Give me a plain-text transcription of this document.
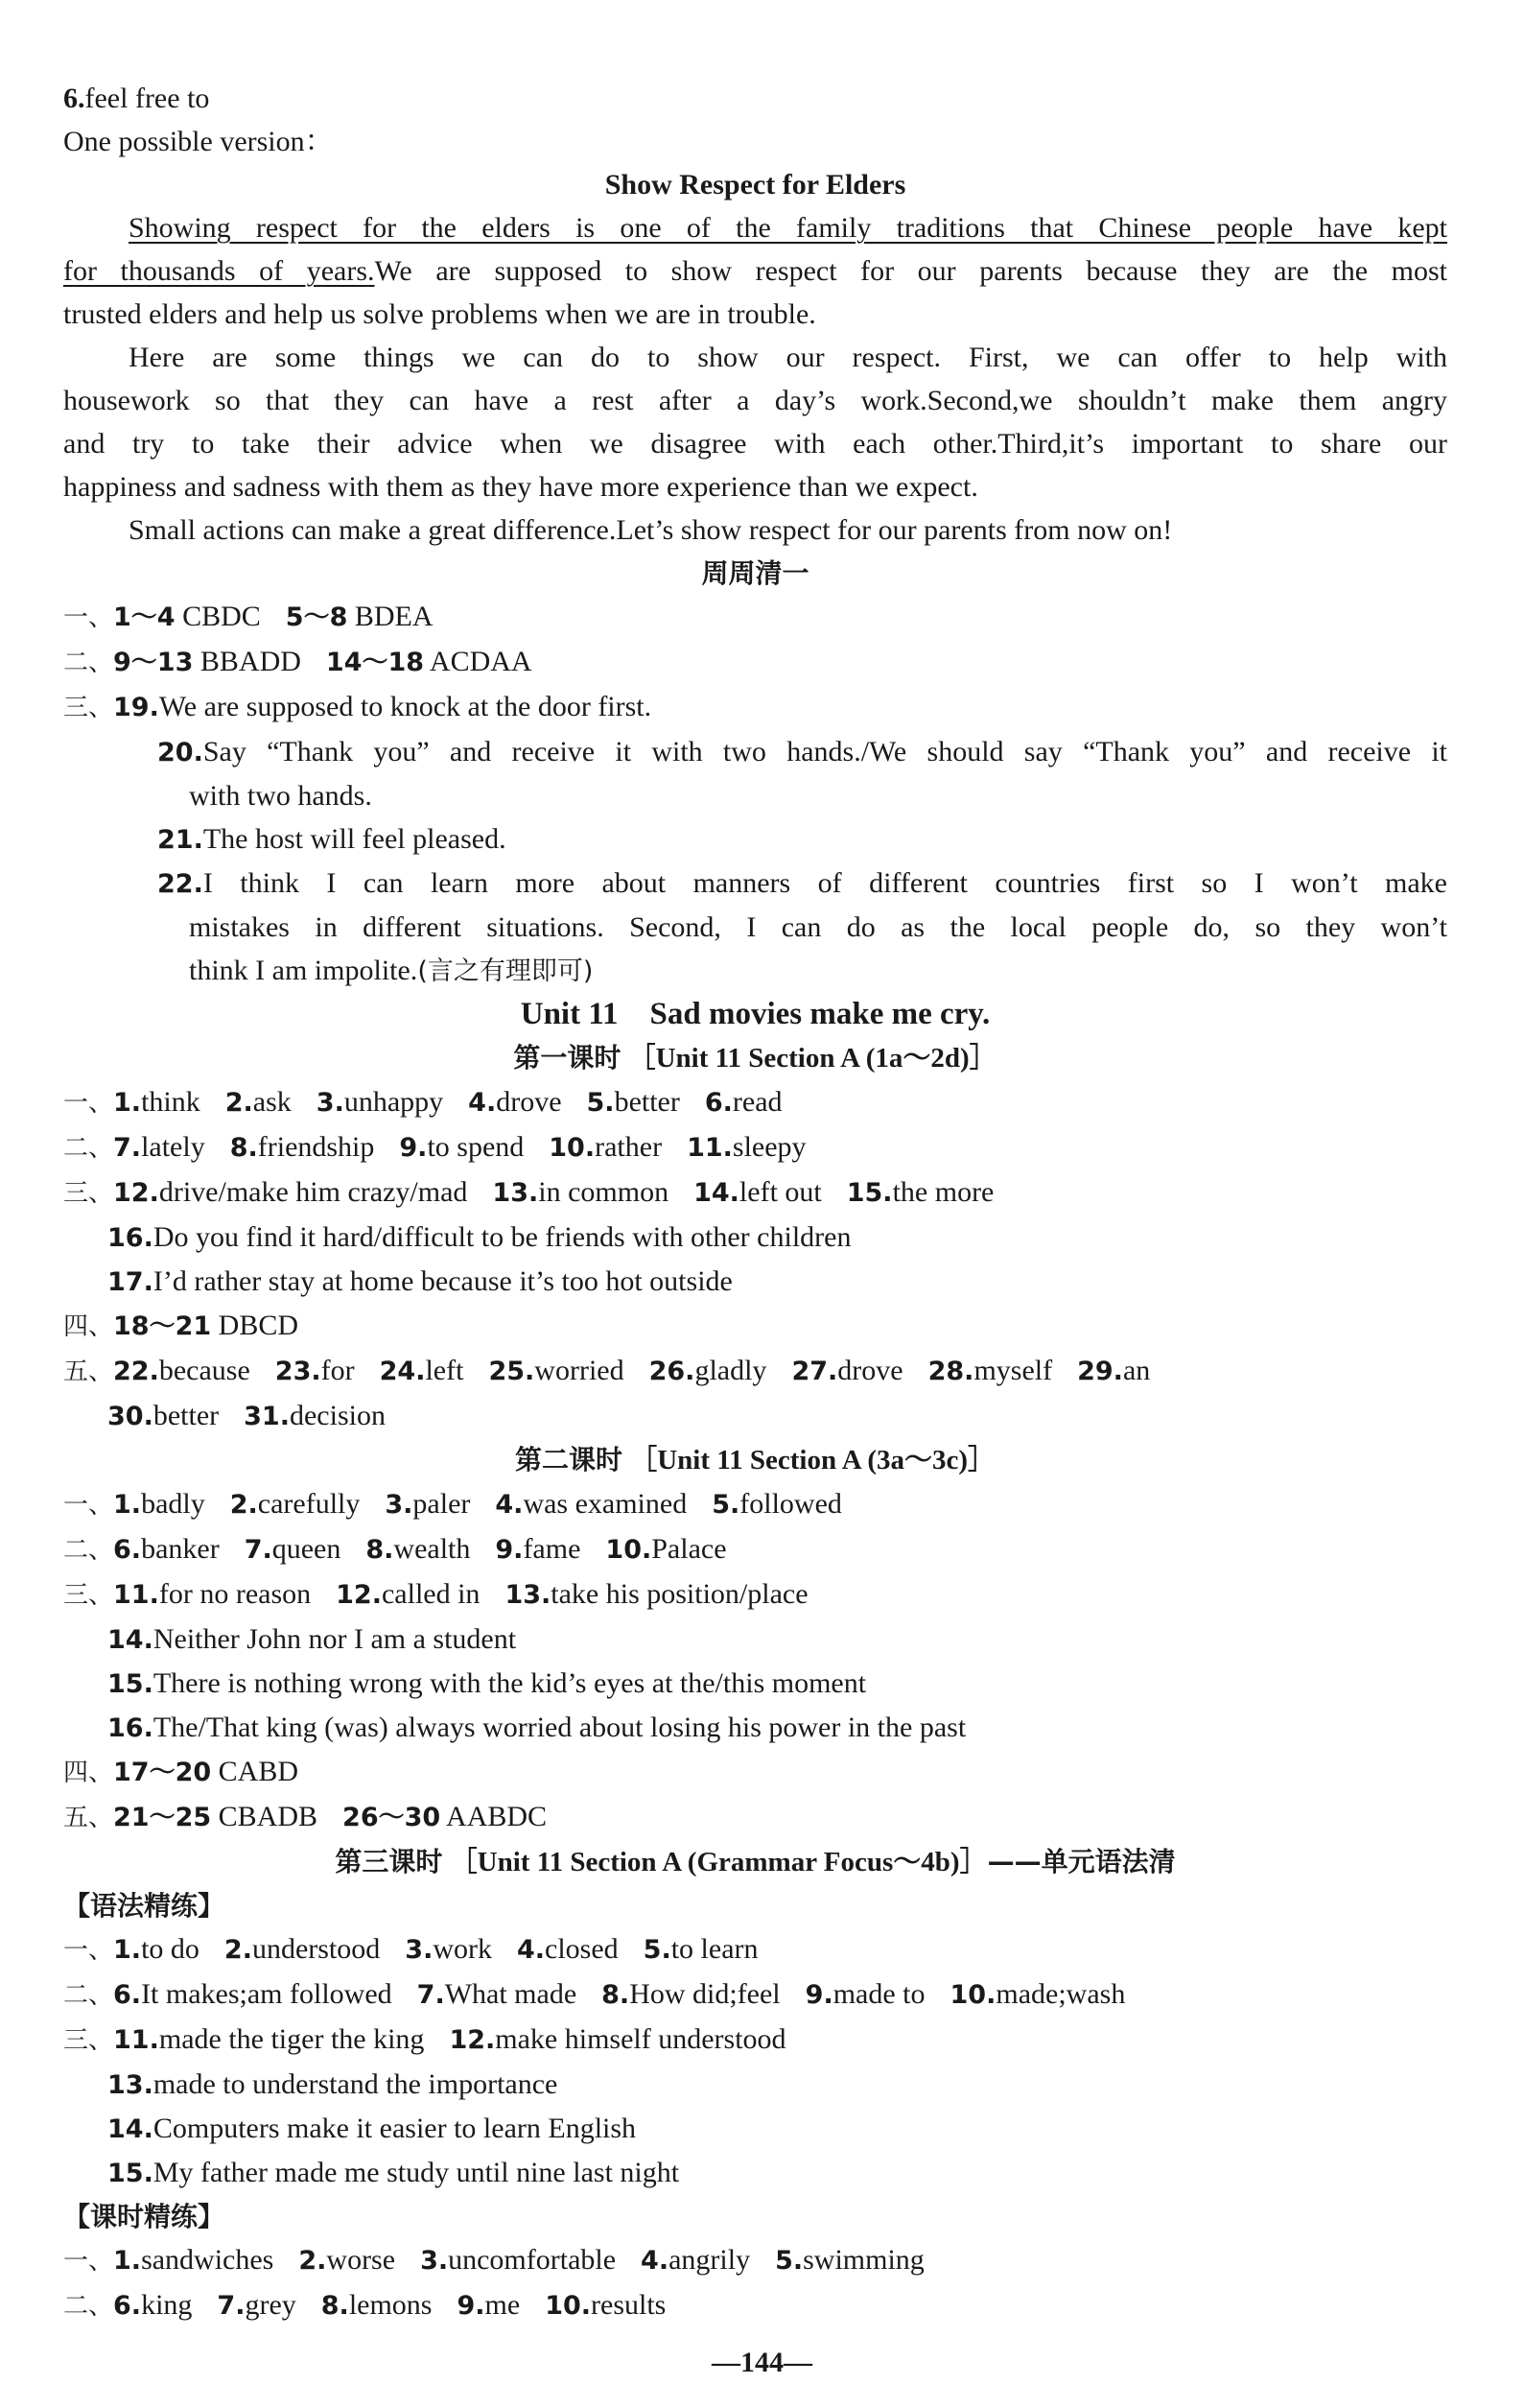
6.feel free to
One possible version：
Show Respect for Elders
Showing respect for the elders is one of the family traditions that Chinese people have kept
for thousands of years.We are supposed to show respect for our parents because they are the most
trusted elders and help us solve problems when we are in trouble.
Here are some things we can do to show our respect. First, we can offer to help with
housework so that they can have a rest after a day’s work.Second,we shouldn’t make them angry
and try to take their advice when we disagree with each other.Third,it’s important to share our
happiness and sadness with them as they have more experience than we expect.
Small actions can make a great difference.Let’s show respect for our parents from now on!
周周清一
一、1～4 CBDC 5～8 BDEA
二、9～13 BBADD 14～18 ACDAA
三、19.We are supposed to knock at the door first.
20.Say “Thank you” and receive it with two hands./We should say “Thank you” and receive it
with two hands.
21.The host will feel pleased.
22.I think I can learn more about manners of different countries first so I won’t make
mistakes in different situations. Second, I can do as the local people do, so they won’t
think I am impolite.(言之有理即可)
Unit 11    Sad movies make me cry.
第一课时 ［Unit 11 Section A (1a～2d)］
一、1.think 2.ask 3.unhappy 4.drove 5.better 6.read
二、7.lately 8.friendship 9.to spend 10.rather 11.sleepy
三、12.drive/make him crazy/mad 13.in common 14.left out 15.the more
16.Do you find it hard/difficult to be friends with other children
17.I’d rather stay at home because it’s too hot outside
四、18～21 DBCD
五、22.because 23.for 24.left 25.worried 26.gladly 27.drove 28.myself 29.an
30.better 31.decision
第二课时 ［Unit 11 Section A (3a～3c)］
一、1.badly 2.carefully 3.paler 4.was examined 5.followed
二、6.banker 7.queen 8.wealth 9.fame 10.Palace
三、11.for no reason 12.called in 13.take his position/place
14.Neither John nor I am a student
15.There is nothing wrong with the kid’s eyes at the/this moment
16.The/That king (was) always worried about losing his power in the past
四、17～20 CABD
五、21～25 CBADB 26～30 AABDC
第三课时 ［Unit 11 Section A (Grammar Focus～4b)］——单元语法清
【语法精练】
一、1.to do 2.understood 3.work 4.closed 5.to learn
二、6.It makes;am followed 7.What made 8.How did;feel 9.made to 10.made;wash
三、11.made the tiger the king 12.make himself understood
13.made to understand the importance
14.Computers make it easier to learn English
15.My father made me study until nine last night
【课时精练】
一、1.sandwiches 2.worse 3.uncomfortable 4.angrily 5.swimming
二、6.king 7.grey 8.lemons 9.me 10.results
—144—
